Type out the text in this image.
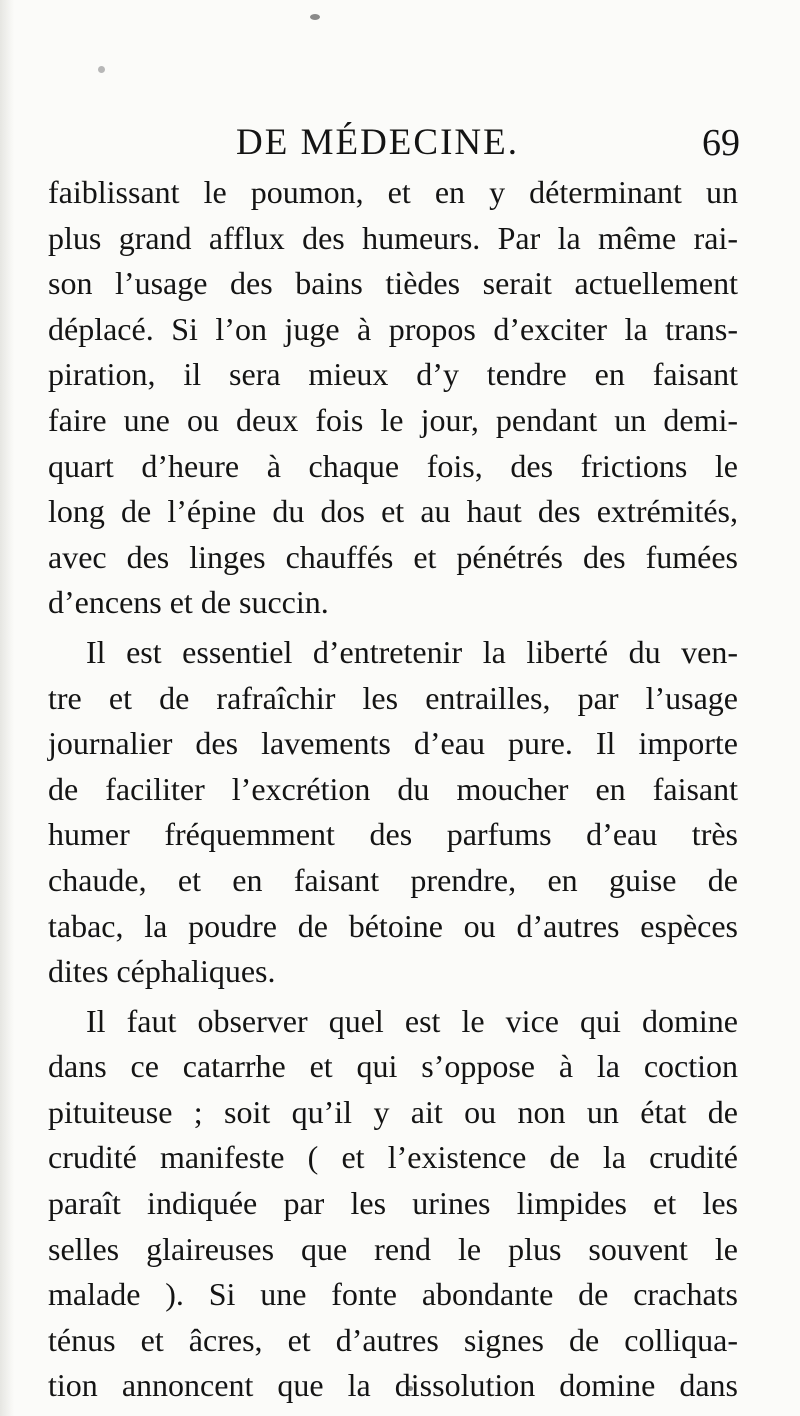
DE MÉDECINE.	69
faiblissant le poumon, et en y déterminant un
plus grand afflux des humeurs. Par la même rai-
son l’usage des bains tièdes serait actuellement
déplacé. Si l’on juge à propos d’exciter la trans-
piration, il sera mieux d’y tendre en faisant
faire une ou deux fois le jour, pendant un demi-
quart d’heure à chaque fois, des frictions le
long de l’épine du dos et au haut des extrémités,
avec des linges chauffés et pénétrés des fumées
d’encens et de succin.
Il est essentiel d’entretenir la liberté du ven-
tre et de rafraîchir les entrailles, par l’usage
journalier des lavements d’eau pure. Il importe
de faciliter l’excrétion du moucher en faisant
humer fréquemment des parfums d’eau très
chaude, et en faisant prendre, en guise de
tabac, la poudre de bétoine ou d’autres espèces
dites céphaliques.
Il faut observer quel est le vice qui domine
dans ce catarrhe et qui s’oppose à la coction
pituiteuse ; soit qu’il y ait ou non un état de
crudité manifeste ( et l’existence de la crudité
paraît indiquée par les urines limpides et les
selles glaireuses que rend le plus souvent le
malade ). Si une fonte abondante de crachats
ténus et âcres, et d’autres signes de colliqua-
tion annoncent que la dissolution domine dans
